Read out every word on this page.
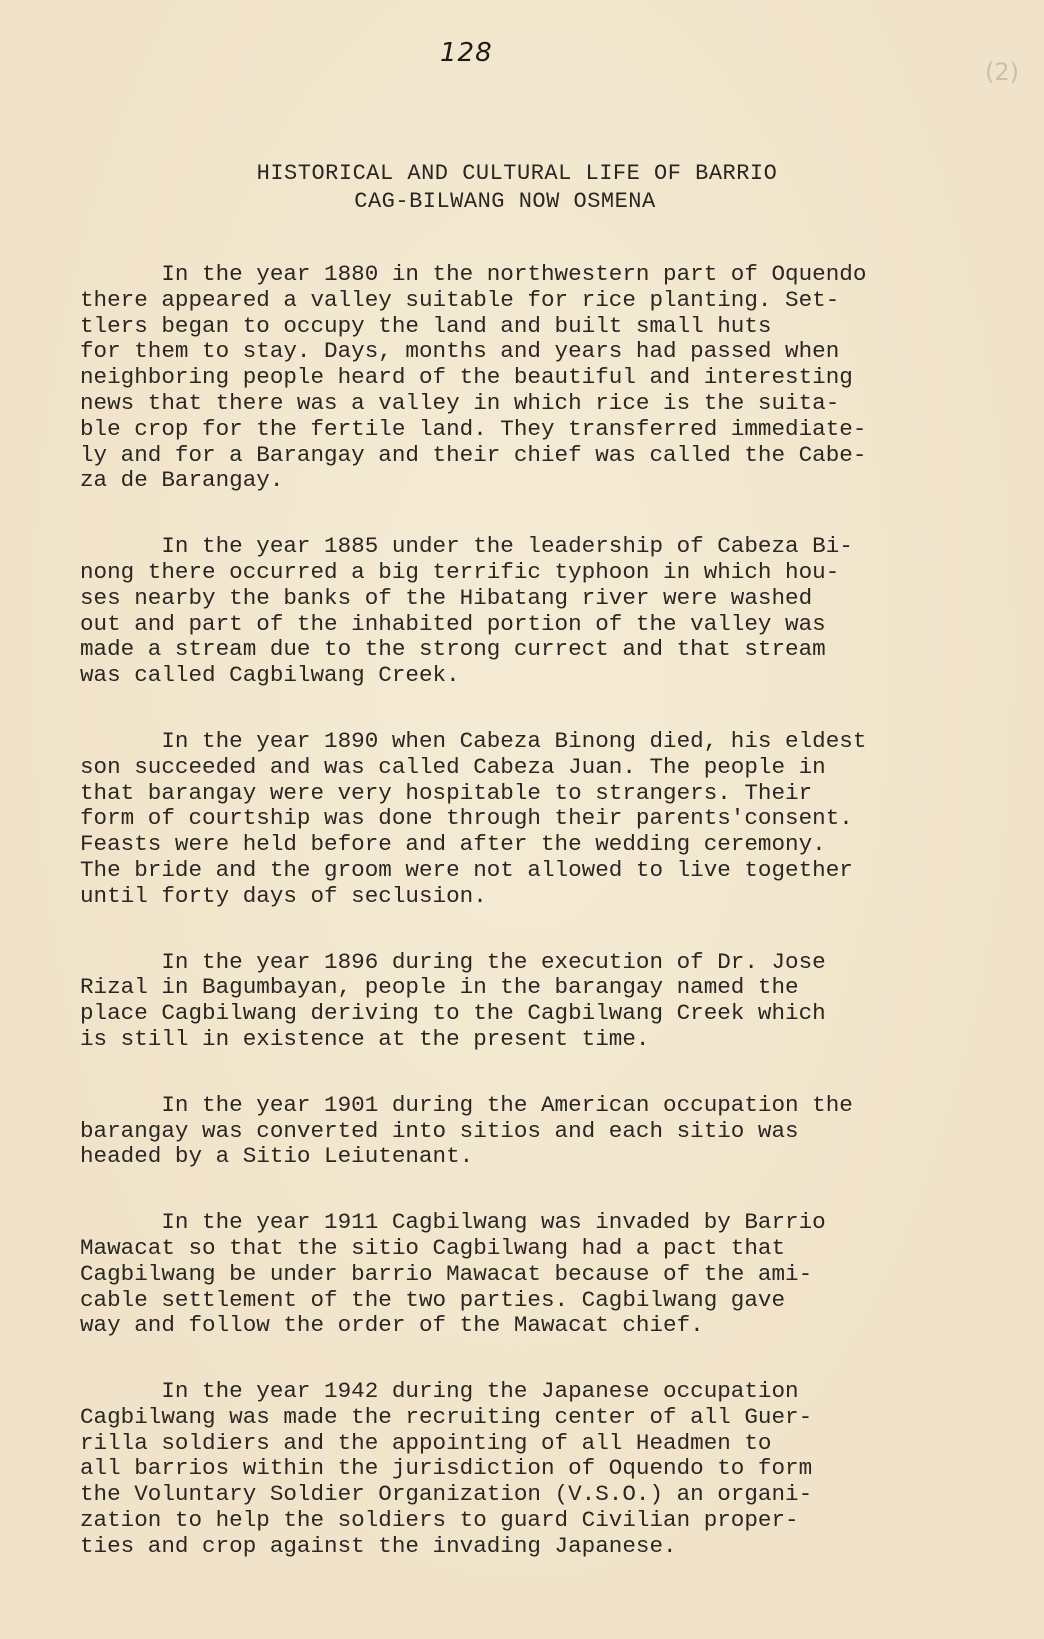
128
(2)
HISTORICAL AND CULTURAL LIFE OF BARRIO
CAG-BILWANG NOW OSMENA
In the year 1880 in the northwestern part of Oquendo
there appeared a valley suitable for rice planting. Set-
tlers began to occupy the land and built small huts
for them to stay. Days, months and years had passed when
neighboring people heard of the beautiful and interesting
news that there was a valley in which rice is the suita-
ble crop for the fertile land. They transferred immediate-
ly and for a Barangay and their chief was called the Cabe-
za de Barangay.
In the year 1885 under the leadership of Cabeza Bi-
nong there occurred a big terrific typhoon in which hou-
ses nearby the banks of the Hibatang river were washed
out and part of the inhabited portion of the valley was
made a stream due to the strong currect and that stream
was called Cagbilwang Creek.
In the year 1890 when Cabeza Binong died, his eldest
son succeeded and was called Cabeza Juan. The people in
that barangay were very hospitable to strangers. Their
form of courtship was done through their parents'consent.
Feasts were held before and after the wedding ceremony.
The bride and the groom were not allowed to live together
until forty days of seclusion.
In the year 1896 during the execution of Dr. Jose
Rizal in Bagumbayan, people in the barangay named the
place Cagbilwang deriving to the Cagbilwang Creek which
is still in existence at the present time.
In the year 1901 during the American occupation the
barangay was converted into sitios and each sitio was
headed by a Sitio Leiutenant.
In the year 1911 Cagbilwang was invaded by Barrio
Mawacat so that the sitio Cagbilwang had a pact that
Cagbilwang be under barrio Mawacat because of the ami-
cable settlement of the two parties. Cagbilwang gave
way and follow the order of the Mawacat chief.
In the year 1942 during the Japanese occupation
Cagbilwang was made the recruiting center of all Guer-
rilla soldiers and the appointing of all Headmen to
all barrios within the jurisdiction of Oquendo to form
the Voluntary Soldier Organization (V.S.O.) an organi-
zation to help the soldiers to guard Civilian proper-
ties and crop against the invading Japanese.
